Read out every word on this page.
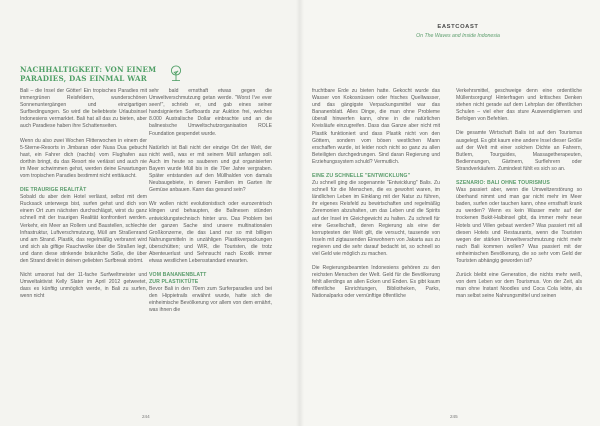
EASTCOAST
On The Waves and Inside Indonesia
NACHHALTIGKEIT: VON EINEM
PARADIES, DAS EINMAL WAR

Bali – die Insel der Götter! Ein tropisches Paradies mit immergrünen Reisfeldern, wunderschönen Sonnenuntergängen und einzigartigen Surfbedingungen. So wird die beliebteste Urlaubsinsel Indonesiens vermarktet. Bali hat all das zu bieten, aber auch Paradiese haben ihre Schattenseiten.

Wenn du also zwei Wochen Flitterwochen in einem der 5-Sterne-Resorts in Jimbaran oder Nusa Dua gebucht hast, ein Fahrer dich (nachts) vom Flughafen aus dorthin bringt, du das Resort nie verlässt und auch nie im Meer schwimmen gehst, werden deine Erwartungen vom tropischen Paradies bestimmt nicht enttäuscht.

DIE TRAURIGE REALITÄT

Sobald du aber dein Hotel verlässt, selbst mit dem Rucksack unterwegs bist, surfen gehst und dich von einem Ort zum nächsten durchschlägst, wirst du ganz schnell mit der traurigen Realität konfrontiert werden. Verkehr, ein Meer an Rollern und Baustellen, schlechte Infrastruktur, Luftverschmutzung, Müll am Straßenrand und am Strand. Plastik, das regelmäßig verbrannt wird und sich als giftige Rauchwolke über die Straßen legt, und dann diese stinkende bräunliche Soße, die über den Strand direkt in deinen geliebten Surfbreak strömt.

Nicht umsonst hat der 11-fache Surfweltmeister und Umweltaktivist Kelly Slater im April 2012 getweetet, dass es künftig unmöglich werde, in Bali zu surfen, wenn nicht

sehr bald ernsthaft etwas gegen die Umweltverschmutzung getan werde. "Worst I've ever seen!", schrieb er, und gab eines seiner handsignierten Surfboards zur Auktion frei, welches 8.000 Australische Dollar einbrachte und an die balinesische Umweltschutzorganisation ROLE Foundation gespendet wurde.

Natürlich ist Bali nicht der einzige Ort der Welt, der nicht weiß, was er mit seinem Müll anfangen soll. Auch im heute so sauberen und gut organisierten Bayern wurde Müll bis in die 70er Jahre vergraben. Später entstanden auf den Müllhalden von damals Neubaugebiete, in denen Familien im Garten ihr Gemüse anbauen. Kann das gesund sein?

Wir wollen nicht evolutionistisch oder eurozentrisch klingen und behaupten, die Balinesen stünden entwicklungstechnisch hinter uns. Das Problem bei der ganzen Sache sind unsere multinationalen Großkonzerne, die das Land nur so mit billigen Nahrungsmitteln in unzähligen Plastikverpackungen überschütten; und WIR, die Touristen, die trotz Abenteuerlust und Sehnsucht nach Exotik immer etwas westlichen Lebensstandard erwarten.

VOM BANANENBLATT
ZUR PLASTIKTÜTE

Bevor Bali in den 70ern zum Surferparadies und bei den Hippietrails erwähnt wurde, hatte sich die einheimische Bevölkerung vor allem von dem ernährt, was ihnen die

fruchtbare Erde zu bieten hatte. Gekocht wurde das Wasser von Kokosnüssen oder frisches Quellwasser, und das gängigste Verpackungsmittel war das Bananenblatt. Alles Dinge, die man ohne Probleme überall hinwerfen kann, ohne in die natürlichen Kreisläufe einzugreifen. Dass das Ganze aber nicht mit Plastik funktioniert und dass Plastik nicht von den Göttern, sondern vom bösen westlichen Mann erschaffen wurde, ist leider noch nicht so ganz zu allen Beteiligten durchgedrungen. Sind daran Regierung und Erziehungssystem schuld? Vermutlich.

EINE ZU SCHNELLE "ENTWICKLUNG"

Zu schnell ging die sogenannte "Entwicklung" Balis. Zu schnell für die Menschen, die es gewohnt waren, im ländlichen Leben im Einklang mit der Natur zu führen, ihr eigenes Reisfeld zu bewirtschaften und regelmäßig Zeremonien abzuhalten, um das Leben und die Spirits auf der Insel im Gleichgewicht zu halten. Zu schnell für eine Gesellschaft, deren Regierung als eine der korruptesten der Welt gilt, die versucht, tausende von Inseln mit zigtausenden Einwohnern von Jakarta aus zu regieren und die sehr darauf bedacht ist, so schnell so viel Geld wie möglich zu machen.

Die Regierungsbeamten Indonesiens gehören zu den reichsten Menschen der Welt. Geld für die Bevölkerung fehlt allerdings an allen Ecken und Enden. Es gibt kaum öffentliche Einrichtungen, Bibliotheken, Parks, Nationalparks oder vernünftige öffentliche

Verkehrsmittel, geschweige denn eine ordentliche Müllentsorgung! Hinterfragen und kritisches Denken stehen nicht gerade auf dem Lehrplan der öffentlichen Schulen – viel eher das sture Auswendiglernen und Befolgen von Befehlen.

Die gesamte Wirtschaft Balis ist auf den Tourismus ausgelegt. Es gibt kaum eine andere Insel dieser Größe auf der Welt mit einer solchen Dichte an Fahrern, Butlern, Tourguides, Massagetherapeuten, Bediennungen, Gärtnern, Surflehrern oder Strandverkäufern. Zumindest fühlt es sich so an.

SZENARIO: BALI OHNE TOURISMUS

Was passiert aber, wenn die Umweltzerstörung so überhand nimmt und man gar nicht mehr im Meer baden, surfen oder tauchen kann, ohne ernsthaft krank zu werden? Wenn es kein Wasser mehr auf der trockenen Bukit-Halbinsel gibt, da immer mehr neue Hotels und Villen gebaut werden? Was passiert mit all diesen Hotels und Restaurants, wenn die Touristen wegen der stärken Umweltverschmutzung nicht mehr nach Bali kommen wollen? Was passiert mit der einheimischen Bevölkerung, die so sehr vom Geld der Touristen abhängig geworden ist?

Zurück bleibt eine Generation, die nichts mehr weiß, von dem Leben vor dem Tourismus. Von der Zeit, als man ohne Instant Noodles und Coca Cola lebte, als man selbst seine Nahrungsmittel und seinen

244	245
